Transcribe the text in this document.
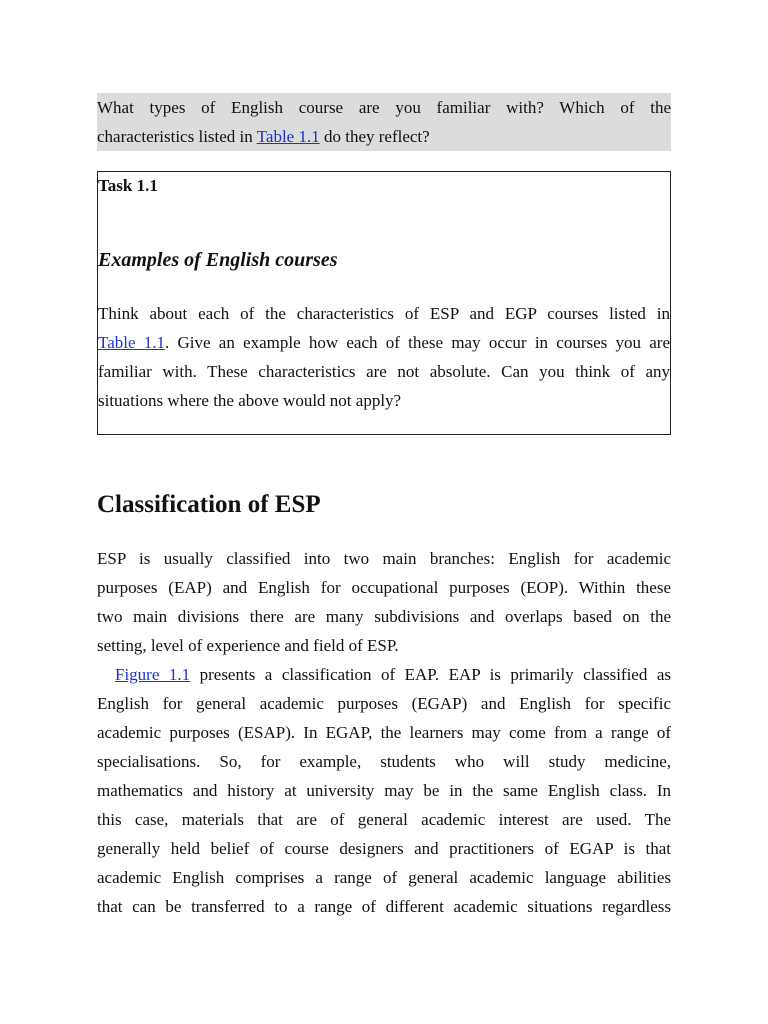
What types of English course are you familiar with? Which of the
characteristics listed in Table 1.1 do they reflect?
Task 1.1
Examples of English courses
Think about each of the characteristics of ESP and EGP courses listed in
Table 1.1. Give an example how each of these may occur in courses you are
familiar with. These characteristics are not absolute. Can you think of any
situations where the above would not apply?
Classification of ESP
ESP is usually classified into two main branches: English for academic
purposes (EAP) and English for occupational purposes (EOP). Within these
two main divisions there are many subdivisions and overlaps based on the
setting, level of experience and field of ESP.
Figure 1.1 presents a classification of EAP. EAP is primarily classified as
English for general academic purposes (EGAP) and English for specific
academic purposes (ESAP). In EGAP, the learners may come from a range of
specialisations. So, for example, students who will study medicine,
mathematics and history at university may be in the same English class. In
this case, materials that are of general academic interest are used. The
generally held belief of course designers and practitioners of EGAP is that
academic English comprises a range of general academic language abilities
that can be transferred to a range of different academic situations regardless
